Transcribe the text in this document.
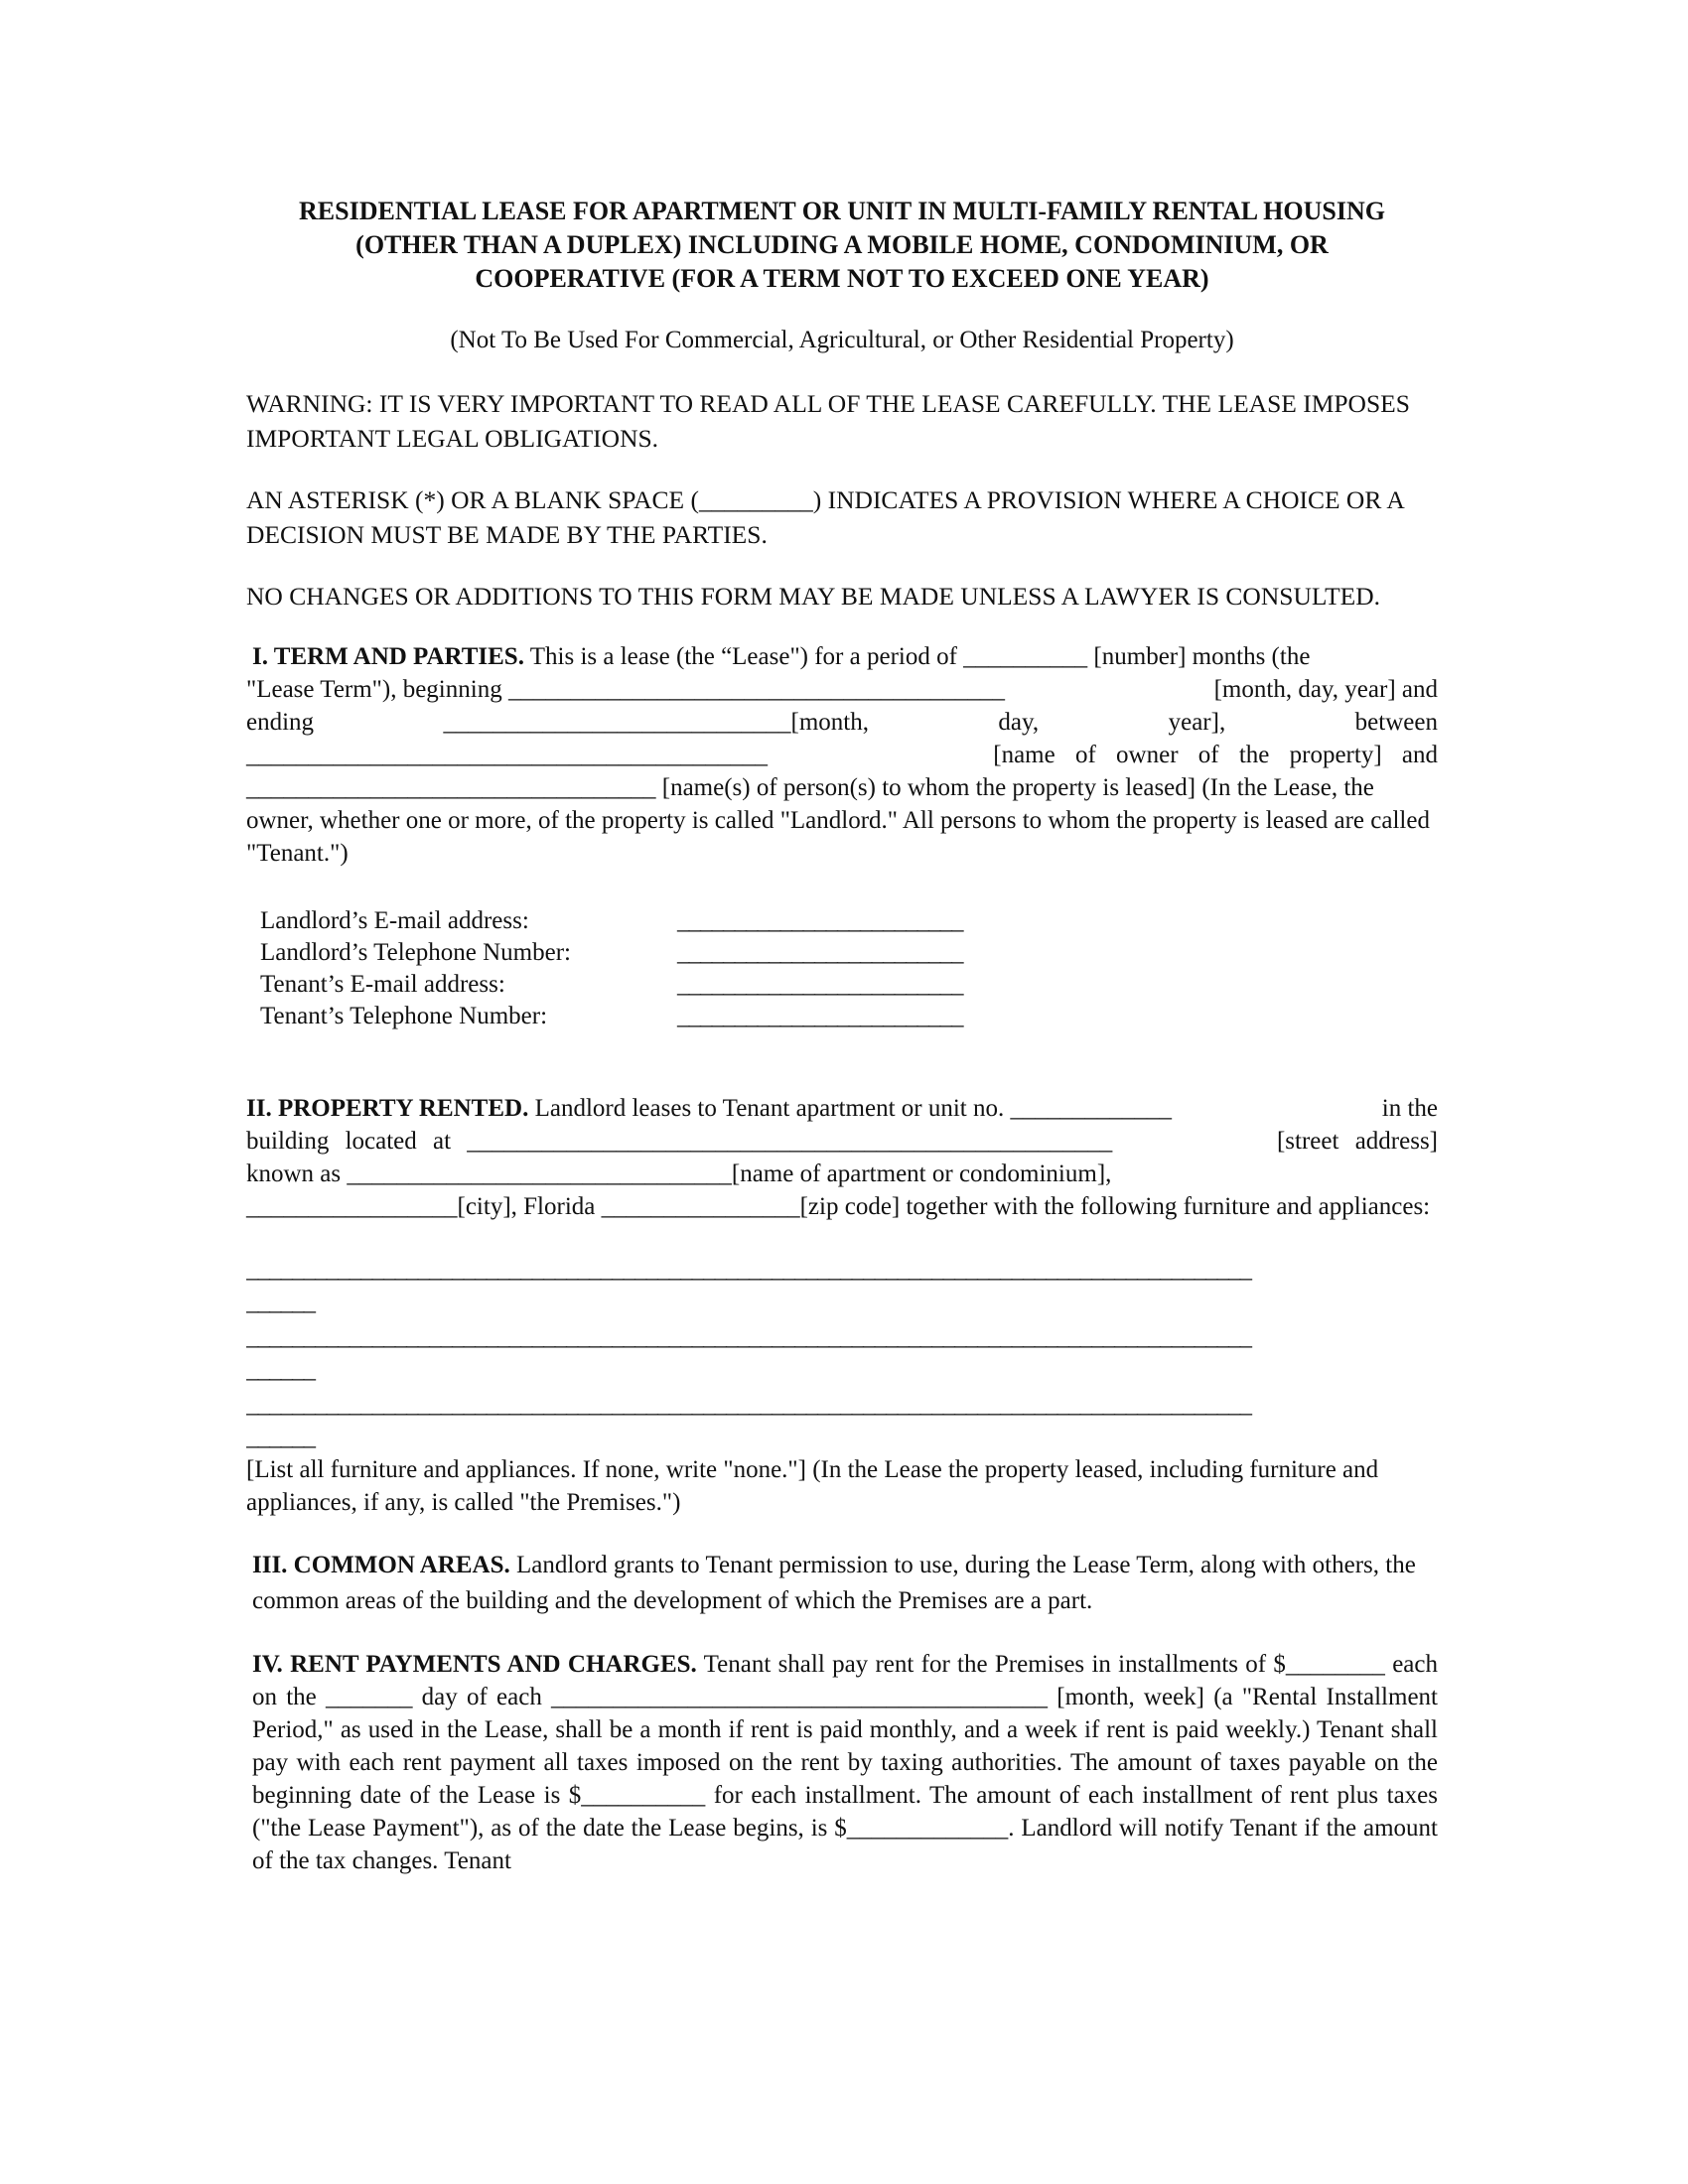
RESIDENTIAL LEASE FOR APARTMENT OR UNIT IN MULTI-FAMILY RENTAL HOUSING
(OTHER THAN A DUPLEX) INCLUDING A MOBILE HOME, CONDOMINIUM, OR
COOPERATIVE (FOR A TERM NOT TO EXCEED ONE YEAR)
(Not To Be Used For Commercial, Agricultural, or Other Residential Property)

WARNING: IT IS VERY IMPORTANT TO READ ALL OF THE LEASE CAREFULLY. THE LEASE IMPOSES IMPORTANT LEGAL OBLIGATIONS.

AN ASTERISK (*) OR A BLANK SPACE (_________) INDICATES A PROVISION WHERE A CHOICE OR A DECISION MUST BE MADE BY THE PARTIES.

NO CHANGES OR ADDITIONS TO THIS FORM MAY BE MADE UNLESS A LAWYER IS CONSULTED.

I. TERM AND PARTIES. This is a lease (the “Lease") for a period of __________ [number] months (the
"Lease Term"), beginning ________________________________________	[month, day, year] and
ending	____________________________[month,	day,	year],	between
__________________________________________	[name of owner of the property] and
_________________________________ [name(s) of person(s) to whom the property is leased] (In the Lease, the owner, whether one or more, of the property is called "Landlord." All persons to whom the property is leased are called "Tenant.")
Landlord’s E-mail address:	_________________________
Landlord’s Telephone Number:	_________________________
Tenant’s E-mail address:	_________________________
Tenant’s Telephone Number:	_________________________
II. PROPERTY RENTED. Landlord leases to Tenant apartment or unit no. _____________	in the
building located at ____________________________________________________	[street address]
known as _______________________________[name of apartment or condominium],
_________________[city], Florida ________________[zip code] together with the following furniture and appliances:
________________________________________________________________________________________
______
________________________________________________________________________________________
______
________________________________________________________________________________________
______

[List all furniture and appliances. If none, write "none."] (In the Lease the property leased, including furniture and appliances, if any, is called "the Premises.")

III. COMMON AREAS. Landlord grants to Tenant permission to use, during the Lease Term, along with others, the common areas of the building and the development of which the Premises are a part.

IV. RENT PAYMENTS AND CHARGES. Tenant shall pay rent for the Premises in installments of $________ each on the _______ day of each ________________________________________ [month, week] (a "Rental Installment Period," as used in the Lease, shall be a month if rent is paid monthly, and a week if rent is paid weekly.) Tenant shall pay with each rent payment all taxes imposed on the rent by taxing authorities. The amount of taxes payable on the beginning date of the Lease is $__________ for each installment. The amount of each installment of rent plus taxes ("the Lease Payment"), as of the date the Lease begins, is $_____________. Landlord will notify Tenant if the amount of the tax changes. Tenant
